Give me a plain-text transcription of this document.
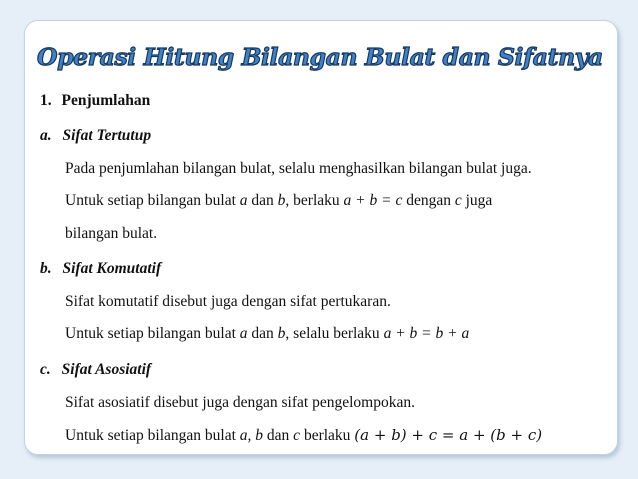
Operasi Hitung Bilangan Bulat dan Sifatnya
1. Penjumlahan
a. Sifat Tertutup
Pada penjumlahan bilangan bulat, selalu menghasilkan bilangan bulat juga.
Untuk setiap bilangan bulat a dan b, berlaku a + b = c dengan c juga
bilangan bulat.
b. Sifat Komutatif
Sifat komutatif disebut juga dengan sifat pertukaran.
Untuk setiap bilangan bulat a dan b, selalu berlaku a + b = b + a
c. Sifat Asosiatif
Sifat asosiatif disebut juga dengan sifat pengelompokan.
Untuk setiap bilangan bulat a, b dan c berlaku (a + b) + c = a + (b + c)
